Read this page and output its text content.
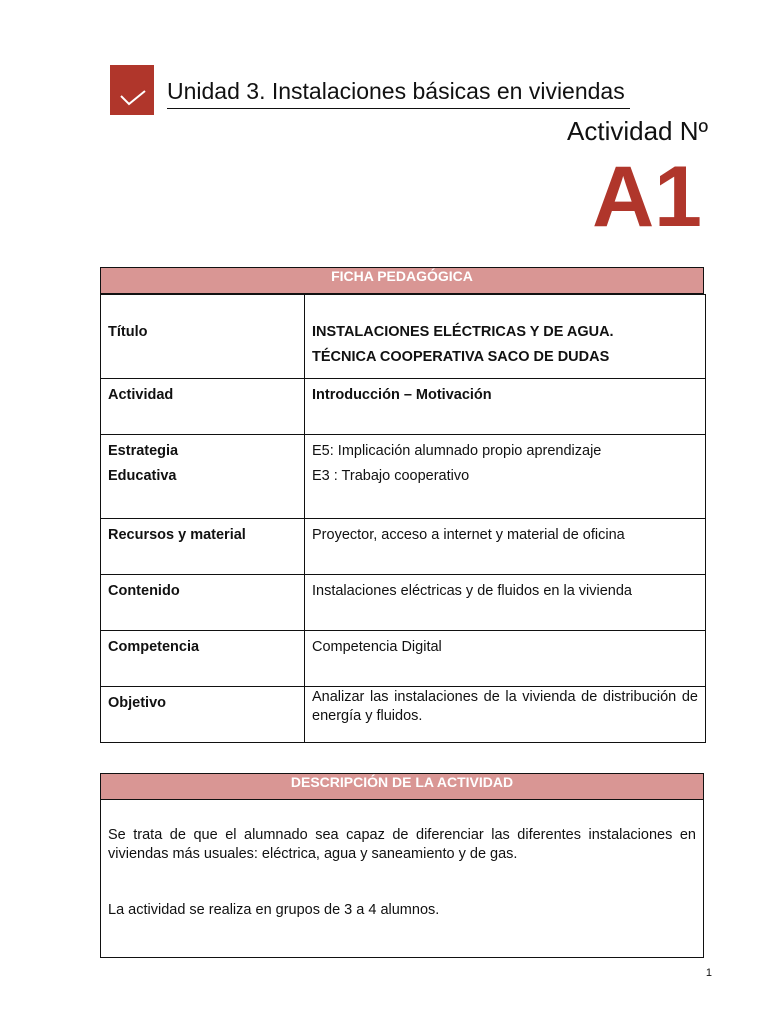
Unidad 3. Instalaciones básicas en viviendas
Actividad Nº
A1
FICHA PEDAGÓGICA
Título	INSTALACIONES ELÉCTRICAS Y DE AGUA.
TÉCNICA COOPERATIVA SACO DE DUDAS

Actividad	Introducción – Motivación
Estrategia
Educativa	E5: Implicación alumnado propio aprendizaje
E3 : Trabajo cooperativo

Recursos y material	Proyector, acceso a internet y material de oficina
Contenido	Instalaciones eléctricas y de fluidos en la vivienda
Competencia	Competencia Digital
Objetivo	Analizar las instalaciones de la vivienda de distribución de energía y fluidos.
DESCRIPCIÓN DE LA ACTIVIDAD

Se trata de que el alumnado sea capaz de diferenciar las diferentes instalaciones en viviendas más usuales: eléctrica, agua y saneamiento y de gas.

La actividad se realiza en grupos de 3 a 4 alumnos.

1
